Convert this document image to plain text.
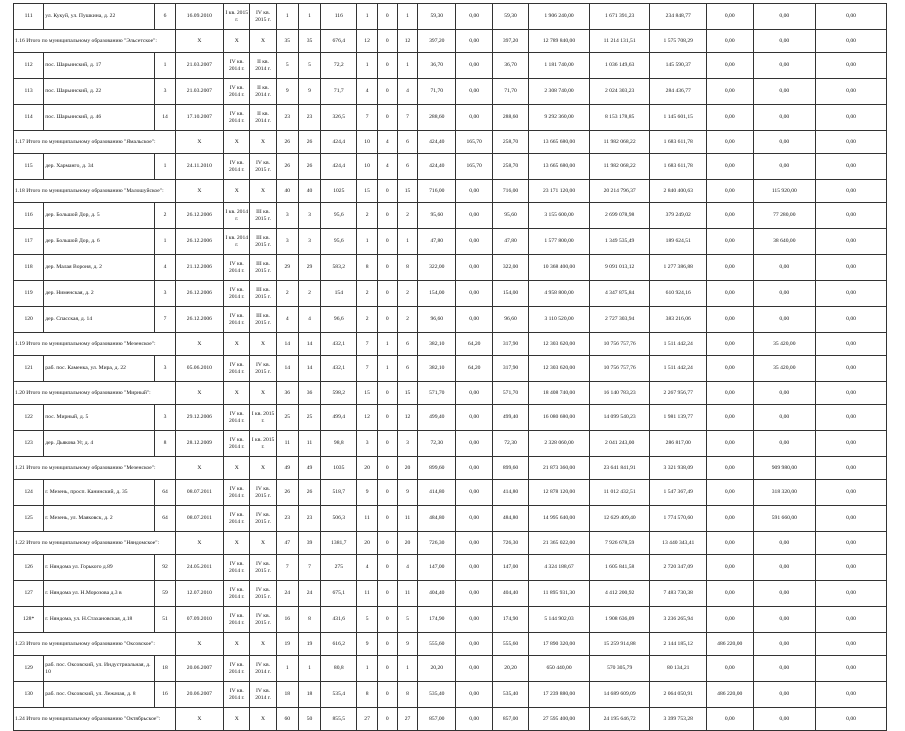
111	ул. Кукуй, ул. Пушкина, д. 22	6	16.09.2010	I кв. 2015 г.	IV кв. 2015 г.	1	1	116	1	0	1	59,30	0,00	59,30	1 906 240,00	1 671 391,23	234 848,77	0,00	0,00	0,00
1.16 Итого по муниципальному образованию "Эльсетское":			X	X	X	35	35	676,4	12	0	12	397,20	0,00	397,20	12 789 840,00	11 214 131,51	1 575 708,29	0,00	0,00	0,00
112	пос. Шарьинский, д. 17	1	21.03.2007	IV кв. 2014 г.	II кв. 2014 г.	5	5	72,2	1	0	1	36,70	0,00	36,70	1 181 740,00	1 036 149,63	145 590,37	0,00	0,00	0,00
113	пос. Шарьинский, д. 22	3	21.03.2007	IV кв. 2014 г.	II кв. 2014 г.	9	9	71,7	4	0	4	71,70	0,00	71,70	2 308 740,00	2 024 303,23	284 436,77	0,00	0,00	0,00
114	пос. Шарьинский, д. 46	14	17.10.2007	IV кв. 2014 г.	II кв. 2014 г.	23	23	326,5	7	0	7	288,60	0,00	288,60	9 292 360,00	8 153 178,85	1 145 601,15	0,00	0,00	0,00
1.17 Итого по муниципальному образованию "Ямальское":			X	X	X	26	26	424,4	10	4	6	424,40	165,70	258,70	13 665 680,00	11 982 068,22	1 683 611,78	0,00	0,00	0,00
115	дер. Харманго, д. 34	1	24.11.2010	IV кв. 2014 г.	IV кв. 2015 г.	26	26	424,4	10	4	6	424,40	165,70	258,70	13 665 680,00	11 982 068,22	1 683 611,78	0,00	0,00	0,00
1.18 Итого по муниципальному образованию "Малошуйское":			X	X	X	40	40	1025	15	0	15	716,00	0,00	716,00	23 171 120,00	20 214 796,37	2 840 400,63	0,00	115 920,00	0,00
116	дер. Большой Дор, д. 5	2	26.12.2006	I кв. 2014 г.	III кв. 2015 г.	3	3	95,6	2	0	2	95,60	0,00	95,60	3 155 600,00	2 699 078,98	379 249,02	0,00	77 280,00	0,00
117	дер. Большой Дор, д. 6	1	26.12.2006	I кв. 2014 г.	III кв. 2015 г.	3	3	95,6	1	0	1	47,80	0,00	47,80	1 577 800,00	1 349 535,49	189 624,51	0,00	38 640,00	0,00
118	дер. Малая Вороня, д. 2	4	21.12.2006	IV кв. 2014 г.	III кв. 2015 г.	29	29	583,2	8	0	8	322,00	0,00	322,00	10 368 400,00	9 091 013,12	1 277 386,88	0,00	0,00	0,00
119	дер. Нименская, д. 2	3	26.12.2006	IV кв. 2014 г.	III кв. 2015 г.	2	2	154	2	0	2	154,00	0,00	154,00	4 958 800,00	4 347 875,84	610 924,16	0,00	0,00	0,00
120	дер. Спасская, д. 14	7	26.12.2006	IV кв. 2014 г.	III кв. 2015 г.	4	4	96,6	2	0	2	96,60	0,00	96,60	3 110 520,00	2 727 303,94	383 216,06	0,00	0,00	0,00
1.19 Итого по муниципальному образованию "Мезенское":			X	X	X	14	14	432,1	7	1	6	382,10	64,20	317,90	12 303 620,00	10 756 757,76	1 511 442,24	0,00	35 420,00	0,00
121	раб. пос. Каменка, ул. Мира, д. 22	3	05.06.2010	IV кв. 2014 г.	IV кв. 2015 г.	14	14	432,1	7	1	6	382,10	64,20	317,90	12 303 620,00	10 756 757,76	1 511 442,24	0,00	35 420,00	0,00
1.20 Итого по муниципальному образованию "Мирный":			X	X	X	36	36	598,2	15	0	15	571,70	0,00	571,70	18 408 740,00	16 140 783,23	2 267 956,77	0,00	0,00	0,00
122	пос. Мирный, д. 5	3	29.12.2006	IV кв. 2014 г.	I кв. 2015 г.	25	25	499,4	12	0	12	499,40	0,00	499,40	16 080 680,00	14 099 540,23	1 981 139,77	0,00	0,00	0,00
123	дер. Дьякова Уг, д. 4	8	28.12.2009	IV кв. 2014 г.	I кв. 2015 г.	11	11	98,8	3	0	3	72,30	0,00	72,30	2 328 060,00	2 041 243,00	286 817,00	0,00	0,00	0,00
1.21 Итого по муниципальному образованию "Мезенское":			X	X	X	49	49	1035	20	0	20	899,60	0,00	899,60	21 873 360,00	23 641 841,91	3 321 938,09	0,00	909 980,00	0,00
124	г. Мезень, просп. Канинский, д. 35	64	08.07.2011	IV кв. 2014 г.	IV кв. 2015 г.	26	26	518,7	9	0	9	414,80	0,00	414,80	12 878 120,00	11 012 432,51	1 547 367,49	0,00	318 320,00	0,00
125	г. Мезень, ул. Маяковск, д. 2	64	08.07.2011	IV кв. 2014 г.	IV кв. 2015 г.	23	23	506,3	11	0	11	484,80	0,00	484,80	14 995 640,00	12 629 409,40	1 774 570,60	0,00	591 660,00	0,00
1.22 Итого по муниципальному образованию "Няндомское":			X	X	X	47	39	1381,7	20	0	20	726,30	0,00	726,30	21 365 022,00	7 926 678,59	13 440 343,41	0,00	0,00	0,00
126	г. Няндома ул. Горького д.89	92	24.05.2011	IV кв. 2014 г.	IV кв. 2015 г.	7	7	275	4	0	4	147,00	0,00	147,00	4 324 188,67	1 605 841,58	2 720 347,09	0,00	0,00	0,00
127	г. Няндома ул. Н.Морозова д.3 в	59	12.07.2010	IV кв. 2014 г.	IV кв. 2015 г.	24	24	675,1	11	0	11	404,40	0,00	404,40	11 895 931,30	4 412 200,92	7 483 730,38	0,00	0,00	0,00
128*	г. Няндома, ул. Н.Стахановская, д.18	51	07.09.2010	IV кв. 2014 г.	IV кв. 2015 г.	16	8	431,6	5	0	5	174,90	0,00	174,90	5 144 902,03	1 908 636,09	3 236 265,94	0,00	0,00	0,00
1.23 Итого по муниципальному образованию "Оксовское":			X	X	X	19	19	616,2	9	0	9	555,60	0,00	555,60	17 890 320,00	15 259 914,88	2 144 185,12	486 220,00	0,00	0,00
129	раб. пос. Оксовский, ул. Индустриальная, д. 10	18	20.06.2007	IV кв. 2014 г.	IV кв. 2014 г.	1	1	80,8	1	0	1	20,20	0,00	20,20	650 440,00	570 305,79	80 134,21	0,00	0,00	0,00
130	раб. пос. Оксовский, ул. Лежачая, д. 8	16	20.06.2007	IV кв. 2014 г.	IV кв. 2014 г.	18	18	535,4	8	0	8	535,40	0,00	535,40	17 239 880,00	14 689 609,09	2 064 050,91	486 220,00	0,00	0,00
1.24 Итого по муниципальному образованию "Октябрьское":			X	X	X	60	50	855,5	27	0	27	857,00	0,00	857,00	27 595 400,00	24 195 646,72	3 399 753,28	0,00	0,00	0,00
